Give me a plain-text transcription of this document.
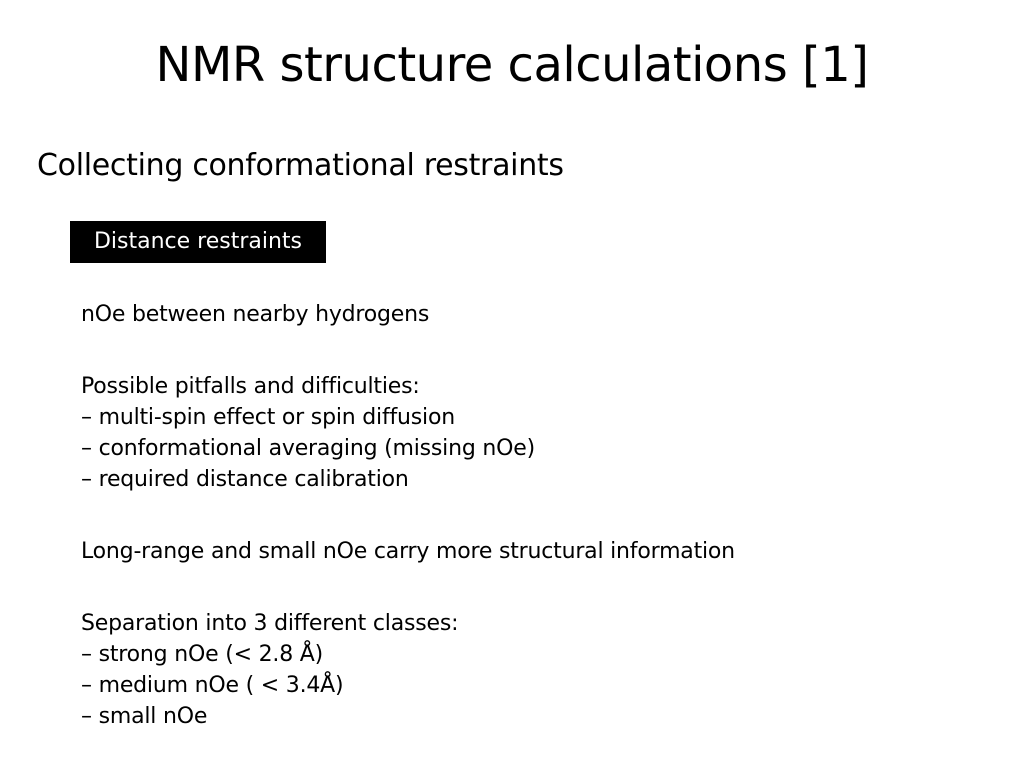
NMR structure calculations [1]
Collecting conformational restraints
Distance restraints

nOe between nearby hydrogens

Possible pitfalls and difficulties:
– multi-spin effect or spin diffusion
– conformational averaging (missing nOe)
– required distance calibration

Long-range and small nOe carry more structural information

Separation into 3 different classes:
– strong nOe (< 2.8 Å)
– medium nOe ( < 3.4Å)
– small nOe
